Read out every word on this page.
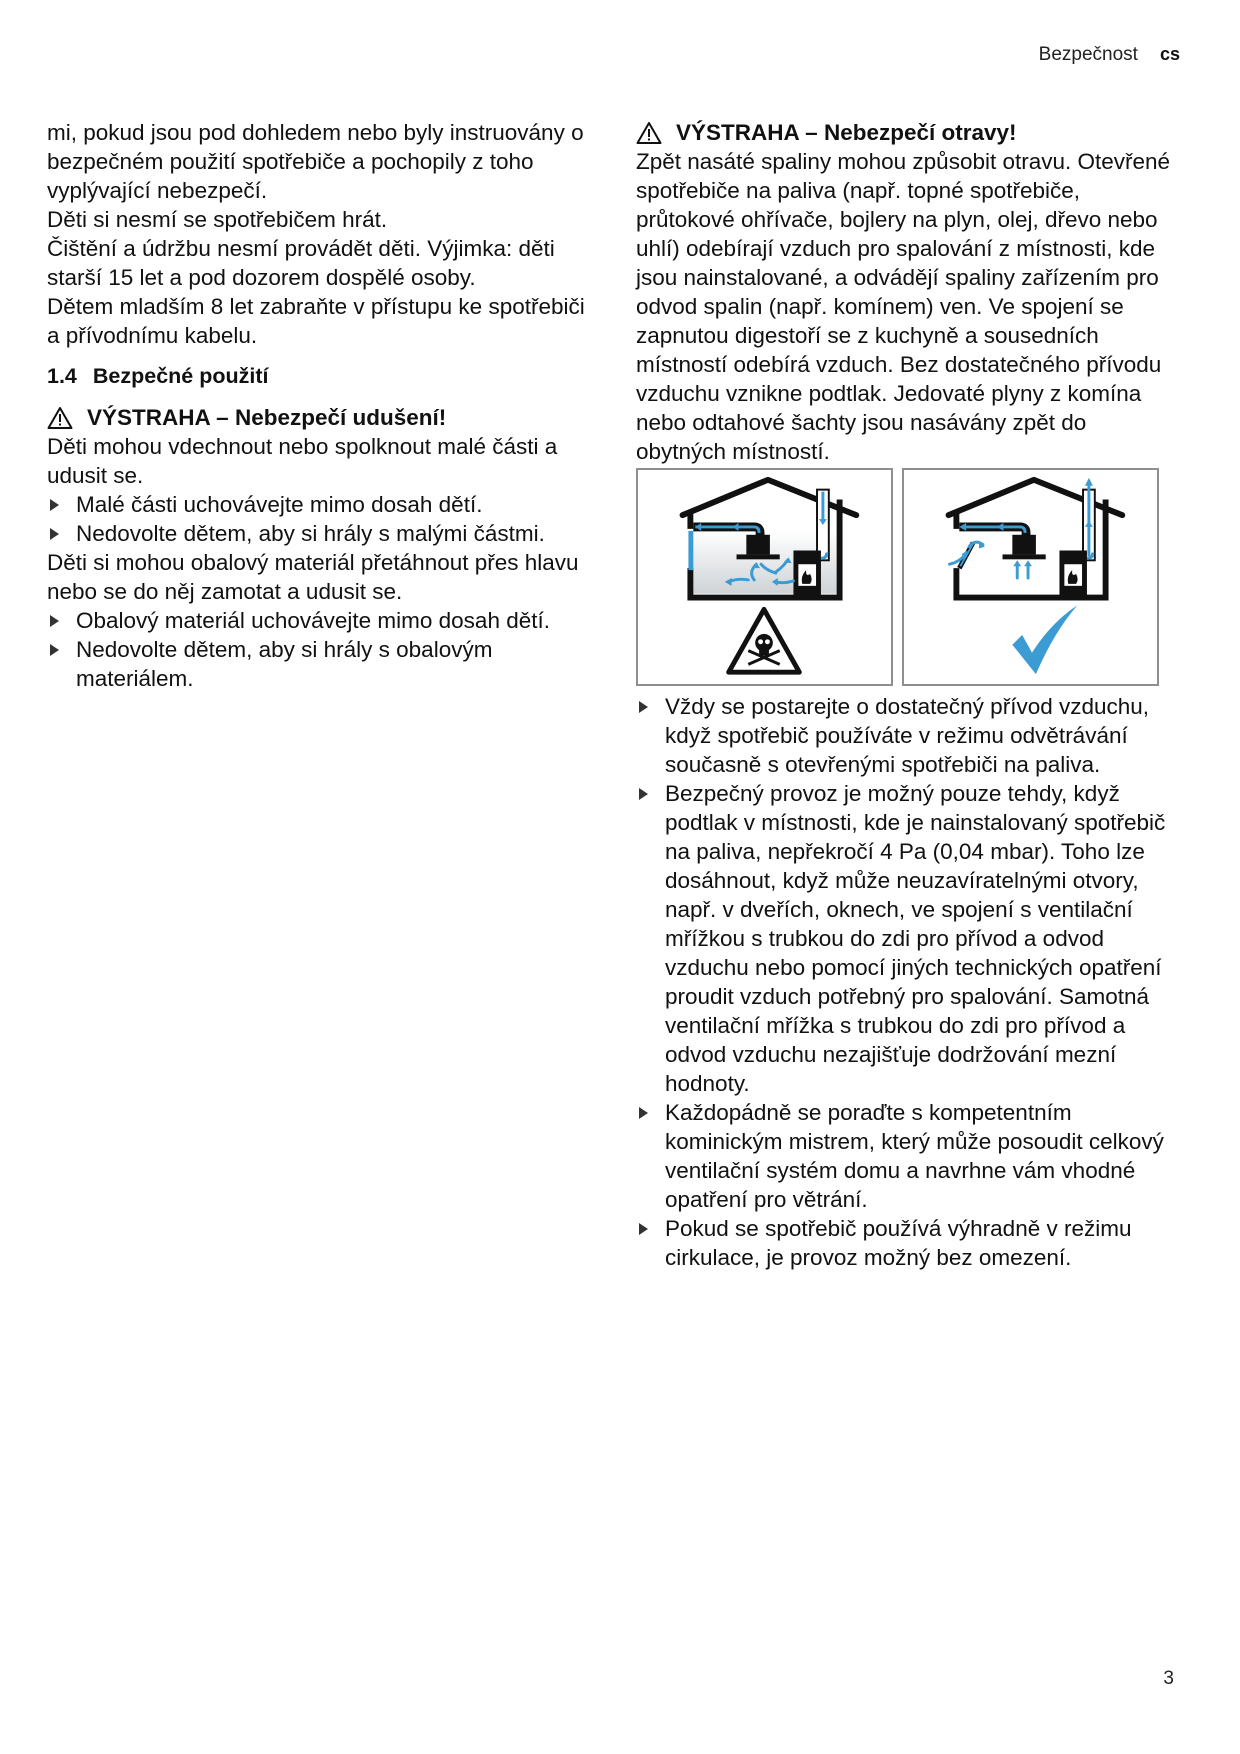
Bezpečnost cs

mi, pokud jsou pod dohledem nebo byly instruovány o bezpečném použití spotřebiče a pochopily z toho vyplývající nebezpečí.

Děti si nesmí se spotřebičem hrát.

Čištění a údržbu nesmí provádět děti. Výjimka: děti starší 15 let a pod dozorem dospělé osoby.

Dětem mladším 8 let zabraňte v přístupu ke spotřebiči a přívodnímu kabelu.

1.4 Bezpečné použití
VÝSTRAHA – Nebezpečí udušení!

Děti mohou vdechnout nebo spolknout malé části a udusit se.

Malé části uchovávejte mimo dosah dětí.
Nedovolte dětem, aby si hrály s malými částmi.

Děti si mohou obalový materiál přetáhnout přes hlavu nebo se do něj zamotat a udusit se.

Obalový materiál uchovávejte mimo dosah dětí.
Nedovolte dětem, aby si hrály s obalovým materiálem.
VÝSTRAHA – Nebezpečí otravy!

Zpět nasáté spaliny mohou způsobit otravu. Otevřené spotřebiče na paliva (např. topné spotřebiče, průtokové ohřívače, bojlery na plyn, olej, dřevo nebo uhlí) odebírají vzduch pro spalování z místnosti, kde jsou nainstalované, a odvádějí spaliny zařízením pro odvod spalin (např. komínem) ven. Ve spojení se zapnutou digestoří se z kuchyně a sousedních místností odebírá vzduch. Bez dostatečného přívodu vzduchu vznikne podtlak. Jedovaté plyny z komína nebo odtahové šachty jsou nasávány zpět do obytných místností.

Vždy se postarejte o dostatečný přívod vzduchu, když spotřebič používáte v režimu odvětrávání současně s otevřenými spotřebiči na paliva.
Bezpečný provoz je možný pouze tehdy, když podtlak v místnosti, kde je nainstalovaný spotřebič na paliva, nepřekročí 4 Pa (0,04 mbar). Toho lze dosáhnout, když může neuzavíratelnými otvory, např. v dveřích, oknech, ve spojení s ventilační mřížkou s trubkou do zdi pro přívod a odvod vzduchu nebo pomocí jiných technických opatření proudit vzduch potřebný pro spalování. Samotná ventilační mřížka s trubkou do zdi pro přívod a odvod vzduchu nezajišťuje dodržování mezní hodnoty.
Každopádně se poraďte s kompetentním kominickým mistrem, který může posoudit celkový ventilační systém domu a navrhne vám vhodné opatření pro větrání.
Pokud se spotřebič používá výhradně v režimu cirkulace, je provoz možný bez omezení.
3
